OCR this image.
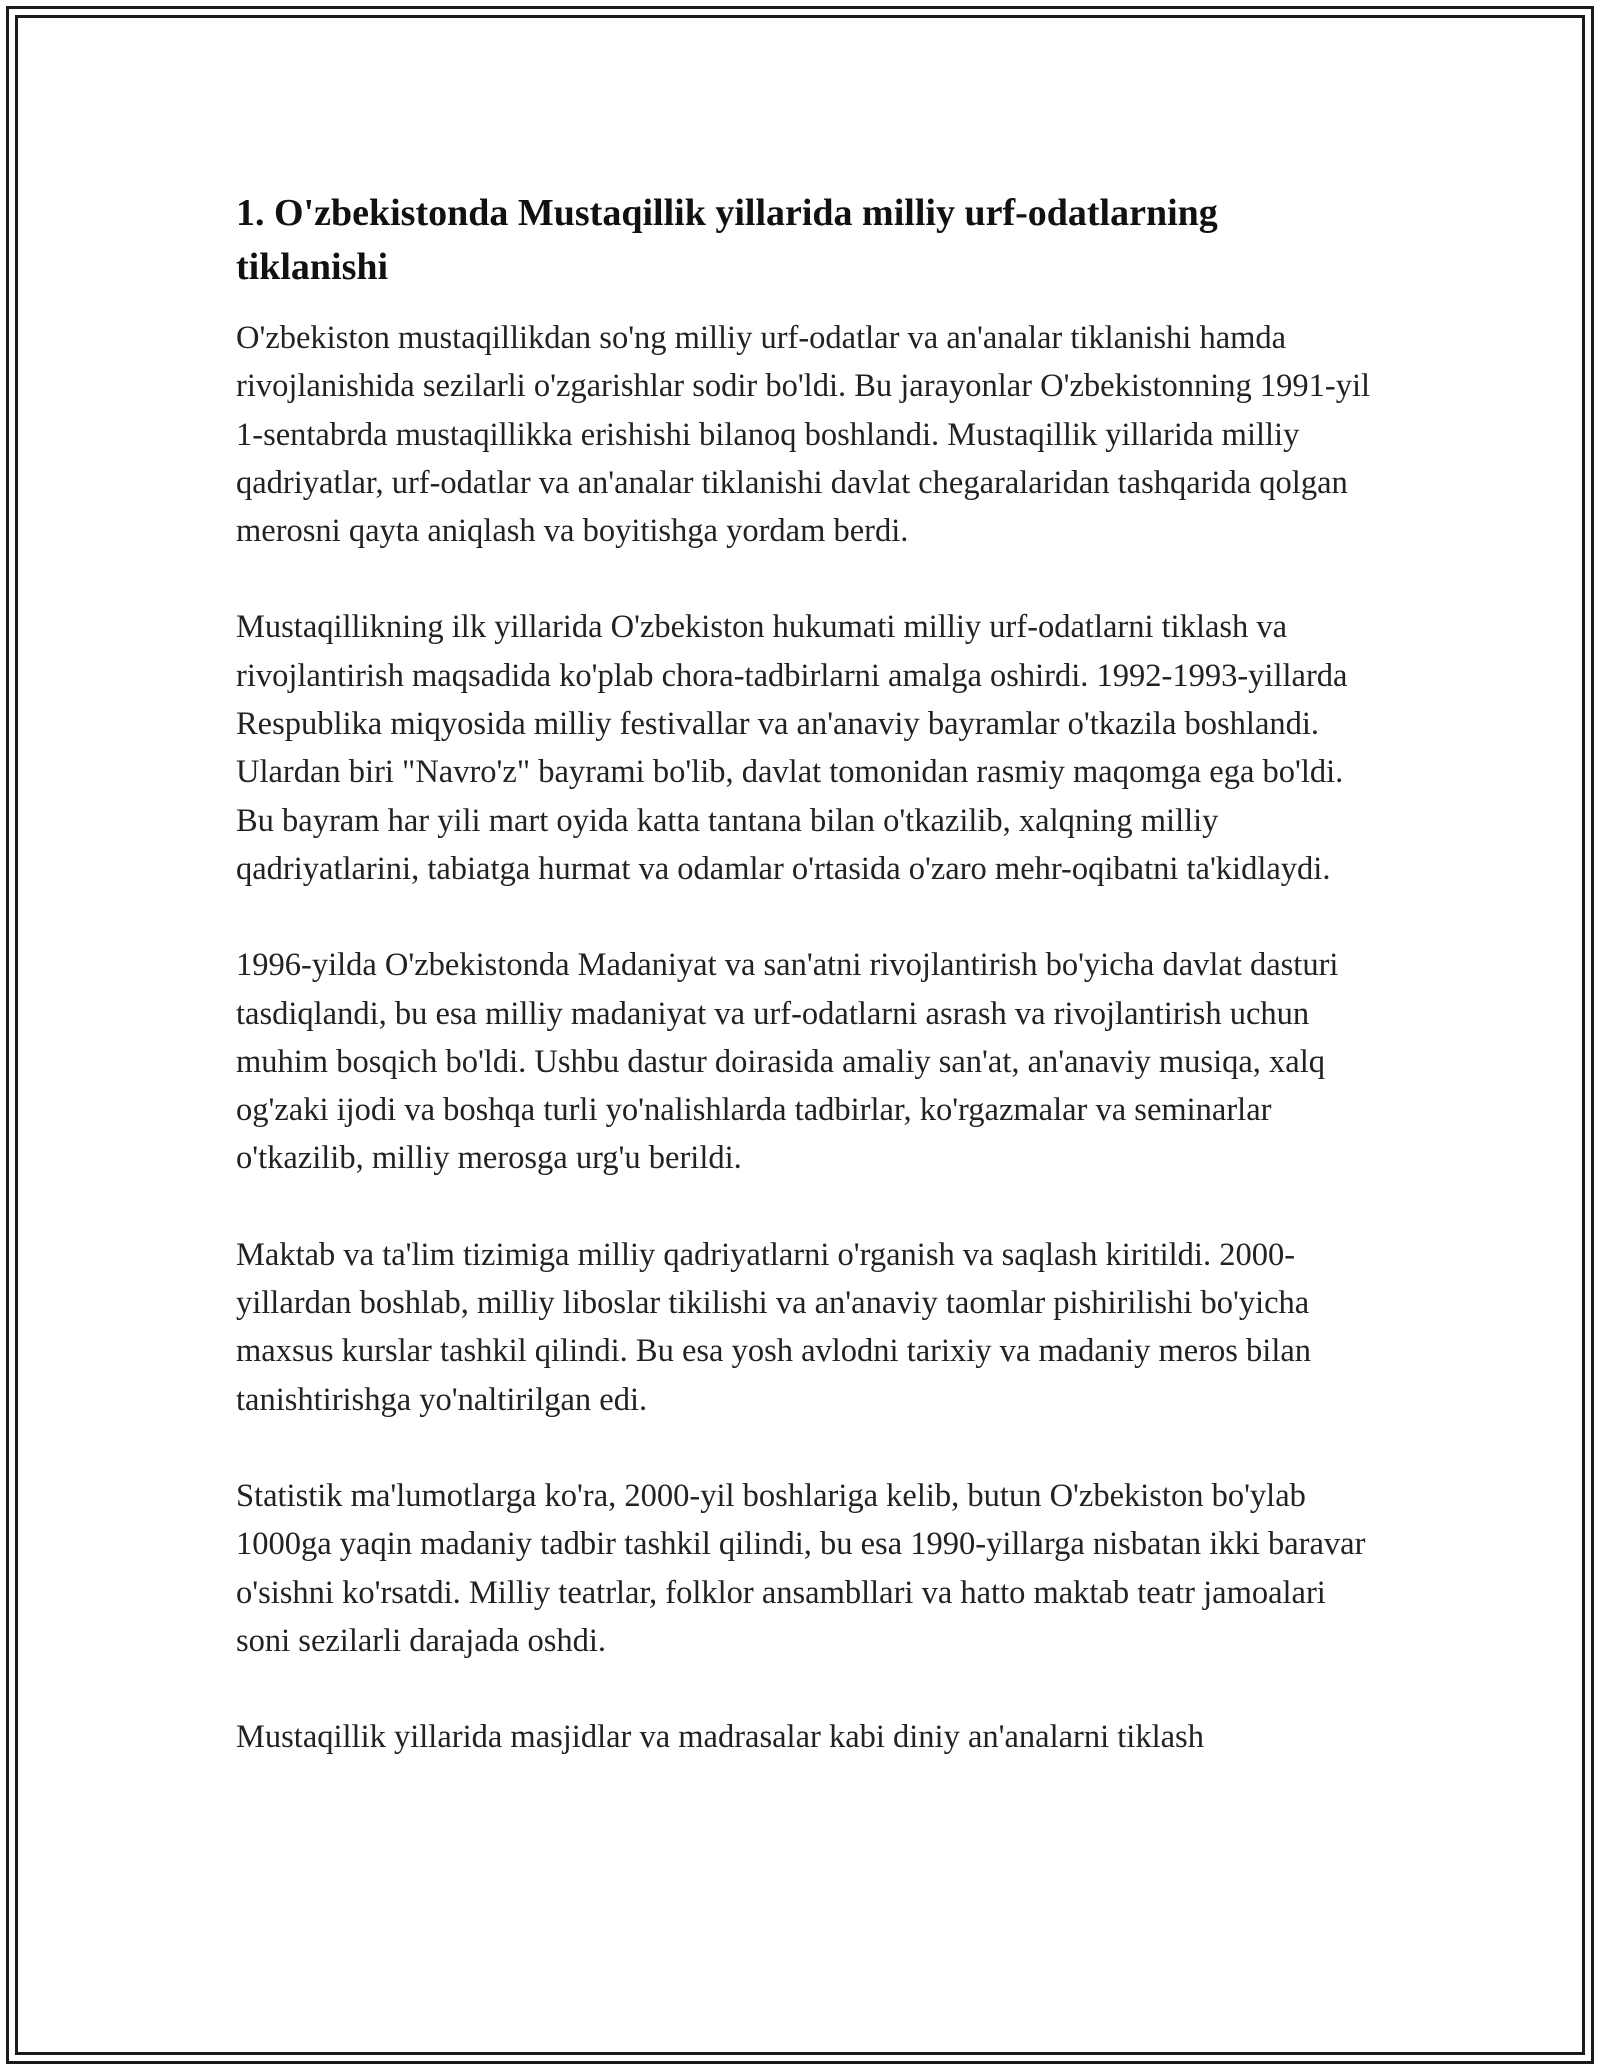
1. O'zbekistonda Mustaqillik yillarida milliy urf-odatlarning tiklanishi

O'zbekiston mustaqillikdan so'ng milliy urf-odatlar va an'analar tiklanishi hamda rivojlanishida sezilarli o'zgarishlar sodir bo'ldi. Bu jarayonlar O'zbekistonning 1991-yil 1-sentabrda mustaqillikka erishishi bilanoq boshlandi. Mustaqillik yillarida milliy qadriyatlar, urf-odatlar va an'analar tiklanishi davlat chegaralaridan tashqarida qolgan merosni qayta aniqlash va boyitishga yordam berdi.

Mustaqillikning ilk yillarida O'zbekiston hukumati milliy urf-odatlarni tiklash va rivojlantirish maqsadida ko'plab chora-tadbirlarni amalga oshirdi. 1992-1993-yillarda Respublika miqyosida milliy festivallar va an'anaviy bayramlar o'tkazila boshlandi. Ulardan biri "Navro'z" bayrami bo'lib, davlat tomonidan rasmiy maqomga ega bo'ldi. Bu bayram har yili mart oyida katta tantana bilan o'tkazilib, xalqning milliy qadriyatlarini, tabiatga hurmat va odamlar o'rtasida o'zaro mehr-oqibatni ta'kidlaydi.

1996-yilda O'zbekistonda Madaniyat va san'atni rivojlantirish bo'yicha davlat dasturi tasdiqlandi, bu esa milliy madaniyat va urf-odatlarni asrash va rivojlantirish uchun muhim bosqich bo'ldi. Ushbu dastur doirasida amaliy san'at, an'anaviy musiqa, xalq og'zaki ijodi va boshqa turli yo'nalishlarda tadbirlar, ko'rgazmalar va seminarlar o'tkazilib, milliy merosga urg'u berildi.

Maktab va ta'lim tizimiga milliy qadriyatlarni o'rganish va saqlash kiritildi. 2000-yillardan boshlab, milliy liboslar tikilishi va an'anaviy taomlar pishirilishi bo'yicha maxsus kurslar tashkil qilindi. Bu esa yosh avlodni tarixiy va madaniy meros bilan tanishtirishga yo'naltirilgan edi.

Statistik ma'lumotlarga ko'ra, 2000-yil boshlariga kelib, butun O'zbekiston bo'ylab 1000ga yaqin madaniy tadbir tashkil qilindi, bu esa 1990-yillarga nisbatan ikki baravar o'sishni ko'rsatdi. Milliy teatrlar, folklor ansambllari va hatto maktab teatr jamoalari soni sezilarli darajada oshdi.

Mustaqillik yillarida masjidlar va madrasalar kabi diniy an'analarni tiklash
